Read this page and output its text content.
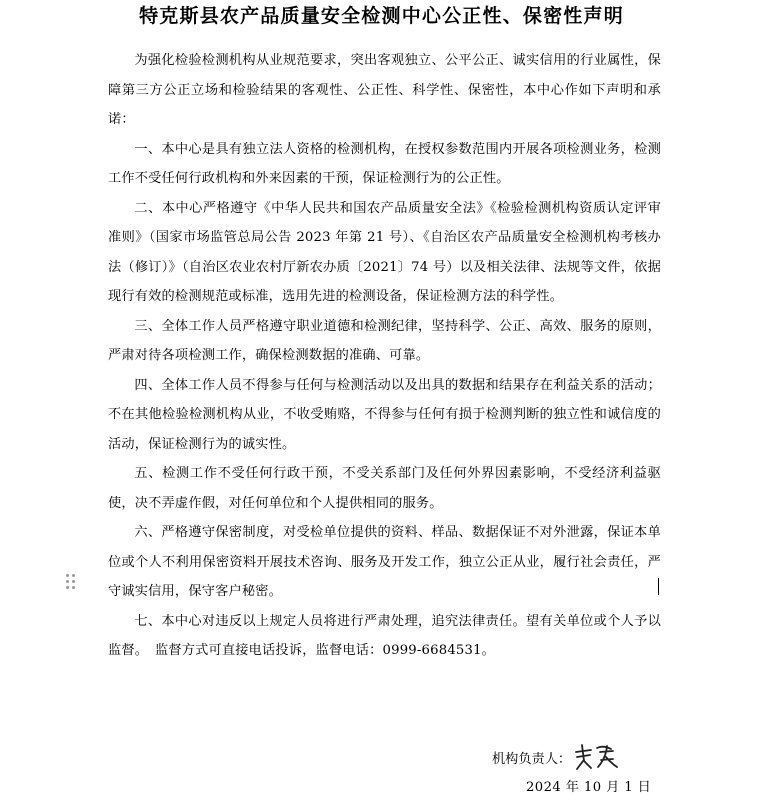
特克斯县农产品质量安全检测中心公正性、保密性声明

为强化检验检测机构从业规范要求，突出客观独立、公平公正、诚实信用的行业属性，保障第三方公正立场和检验结果的客观性、公正性、科学性、保密性，本中心作如下声明和承诺：

一、本中心是具有独立法人资格的检测机构，在授权参数范围内开展各项检测业务，检测工作不受任何行政机构和外来因素的干预，保证检测行为的公正性。

二、本中心严格遵守《中华人民共和国农产品质量安全法》《检验检测机构资质认定评审准则》（国家市场监管总局公告 2023 年第 21 号）、《自治区农产品质量安全检测机构考核办法（修订）》（自治区农业农村厅新农办质〔2021〕74 号）以及相关法律、法规等文件，依据现行有效的检测规范或标准，选用先进的检测设备，保证检测方法的科学性。

三、全体工作人员严格遵守职业道德和检测纪律，坚持科学、公正、高效、服务的原则，严肃对待各项检测工作，确保检测数据的准确、可靠。

四、全体工作人员不得参与任何与检测活动以及出具的数据和结果存在利益关系的活动；不在其他检验检测机构从业，不收受贿赂，不得参与任何有损于检测判断的独立性和诚信度的活动，保证检测行为的诚实性。

五、检测工作不受任何行政干预，不受关系部门及任何外界因素影响，不受经济利益驱使，决不弄虚作假，对任何单位和个人提供相同的服务。

六、严格遵守保密制度，对受检单位提供的资料、样品、数据保证不对外泄露，保证本单位或个人不利用保密资料开展技术咨询、服务及开发工作，独立公正从业，履行社会责任，严守诚实信用，保守客户秘密。

七、本中心对违反以上规定人员将进行严肃处理，追究法律责任。望有关单位或个人予以监督。　监督方式可直接电话投诉，监督电话：0999-6684531。

机构负责人：
2024 年 10 月 1 日
